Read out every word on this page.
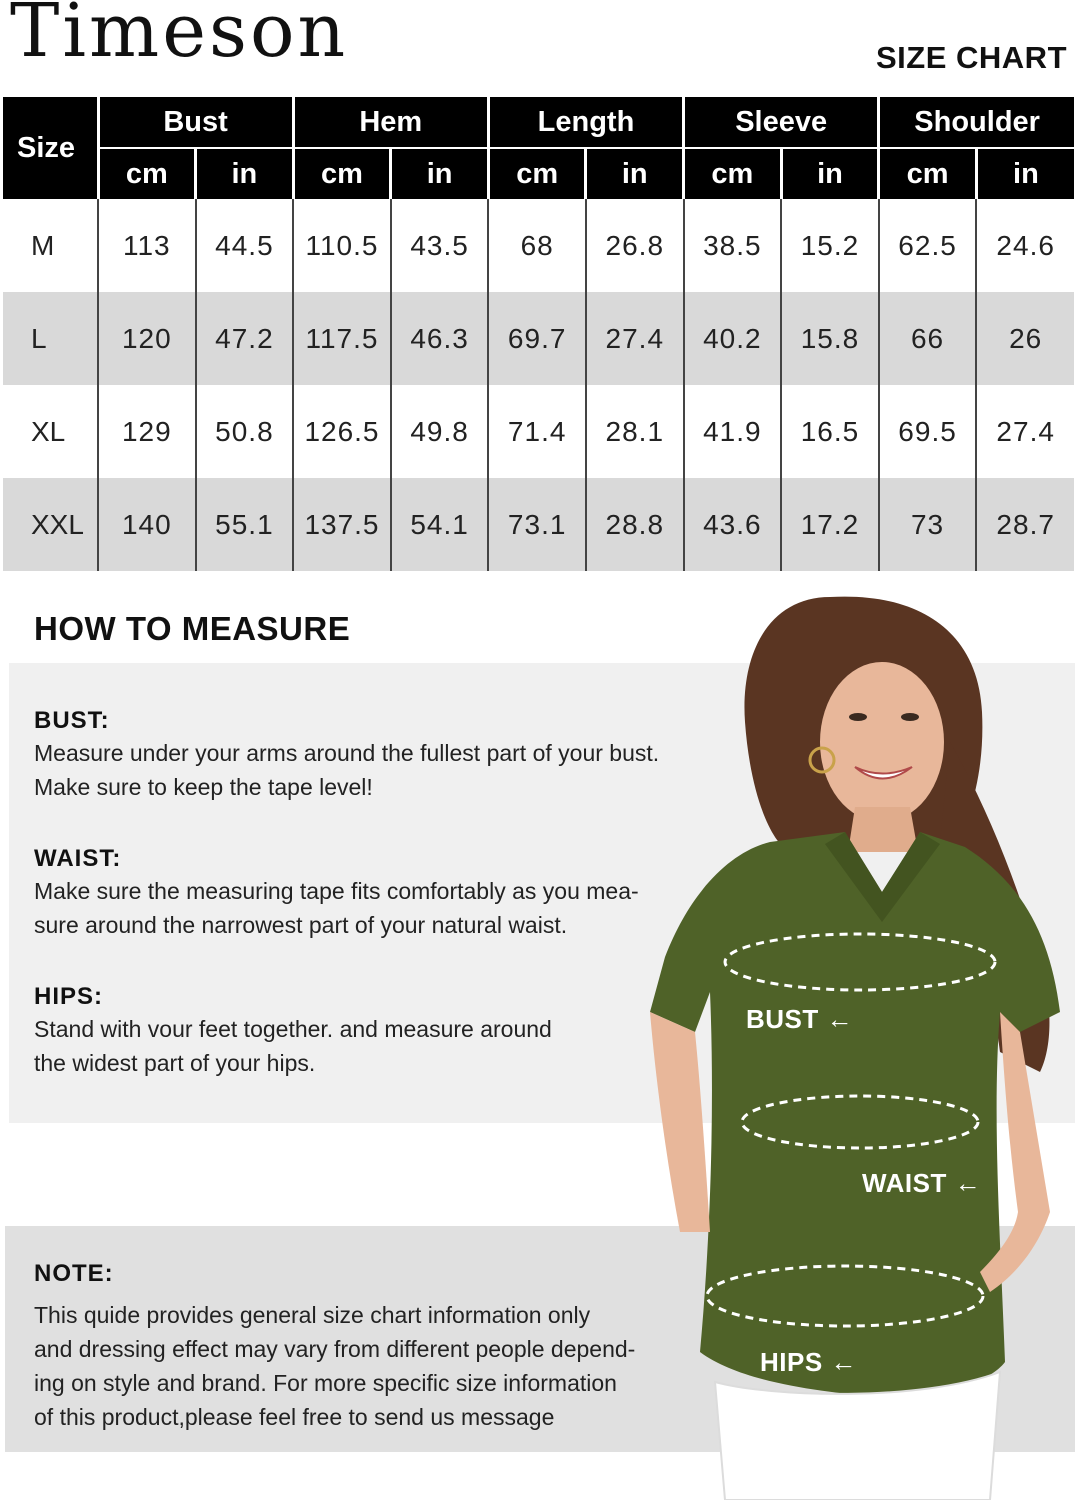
Timeson	SIZE CHART
Size	Bust		Hem		Length		Sleeve		Shoulder	
	cm	in	cm	in	cm	in	cm	in	cm	in
M	113	44.5	110.5	43.5	68	26.8	38.5	15.2	62.5	24.6
L	120	47.2	117.5	46.3	69.7	27.4	40.2	15.8	66	26
XL	129	50.8	126.5	49.8	71.4	28.1	41.9	16.5	69.5	27.4
XXL	140	55.1	137.5	54.1	73.1	28.8	43.6	17.2	73	28.7
HOW TO MEASURE
BUST:
Measure under your arms around the fullest part of your bust.
Make sure to keep the tape level!
WAIST:
Make sure the measuring tape fits comfortably as you mea-
sure around the narrowest part of your natural waist.
HIPS:
Stand with vour feet together. and measure around
the widest part of your hips.
NOTE:
This quide provides general size chart information only
and dressing effect may vary from different people depend-
ing on style and brand. For more specific size information
of this product,please feel free to send us message
BUST ←
WAIST ←
HIPS ←
